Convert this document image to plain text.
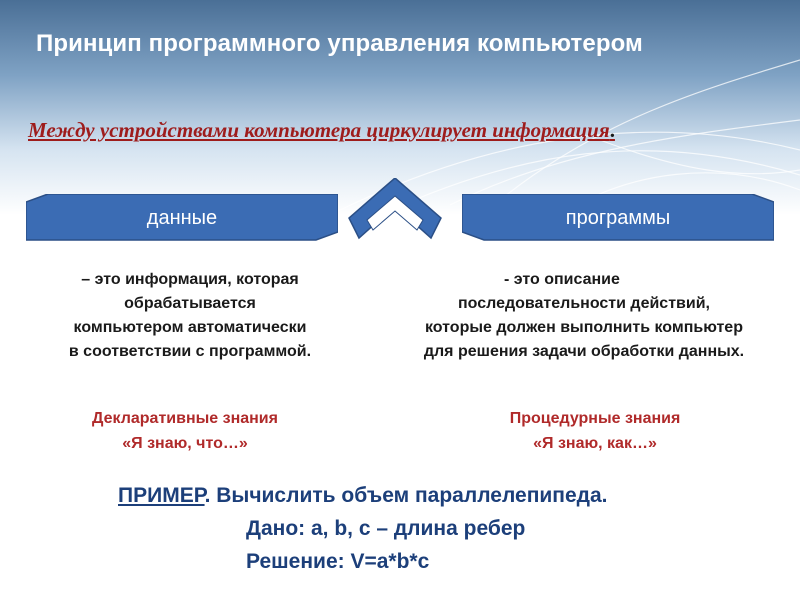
Принцип программного управления компьютером
Между устройствами компьютера циркулирует информация.
данные	программы
– это информация, которая
обрабатывается
компьютером автоматически
в соответствии с программой.
- это описание
последовательности действий,
которые должен выполнить компьютер
для решения задачи обработки данных.
Декларативные знания
«Я знаю, что…»
Процедурные знания
«Я знаю, как…»
ПРИМЕР. Вычислить объем параллелепипеда.
Дано: a, b, c – длина ребер
Решение: V=a*b*c
